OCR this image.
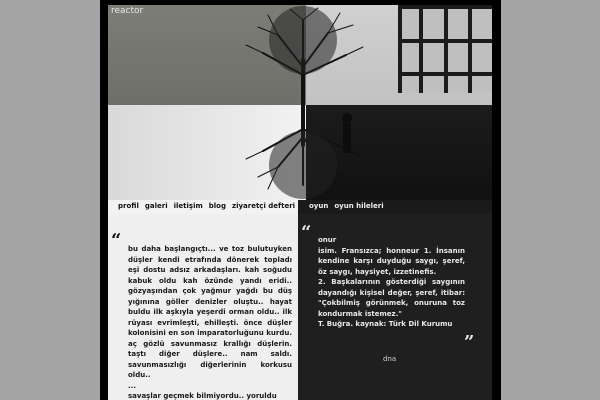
reactor
profil galeri iletişim blog ziyaretçi defteri oyun oyun hileleri
“ bu daha başlangıçtı... ve toz bulutuyken düşler kendi etrafında dönerek topladı eşi dostu adsız arkadaşları. kah soğudu kabuk oldu kah özünde yandı eridi.. gözyaşından çok yağmur yağdı bu düş yığınına göller denizler oluştu.. hayat buldu ilk aşkıyla yeşerdi orman oldu.. ilk rüyası evrimleşti, ehilleşti. önce düşler kolonisini en son imparatorluğunu kurdu. aç gözlü savunmasız krallığı düşlerin. taştı diğer düşlere.. nam saldı. savunmasızlığı diğerlerinin korkusu oldu..
...
savaşlar geçmek bilmiyordu.. yoruldu
“ onur
isim. Fransızca; honneur 1. İnsanın kendine karşı duyduğu saygı, şeref, öz saygı, haysiyet, izzetinefis.
2. Başkalarının gösterdiği saygının dayandığı kişisel değer, şeref, itibar: "Çokbilmiş görünmek, onuruna toz kondurmak istemez."
T. Buğra. kaynak: Türk Dil Kurumu
”
dna
